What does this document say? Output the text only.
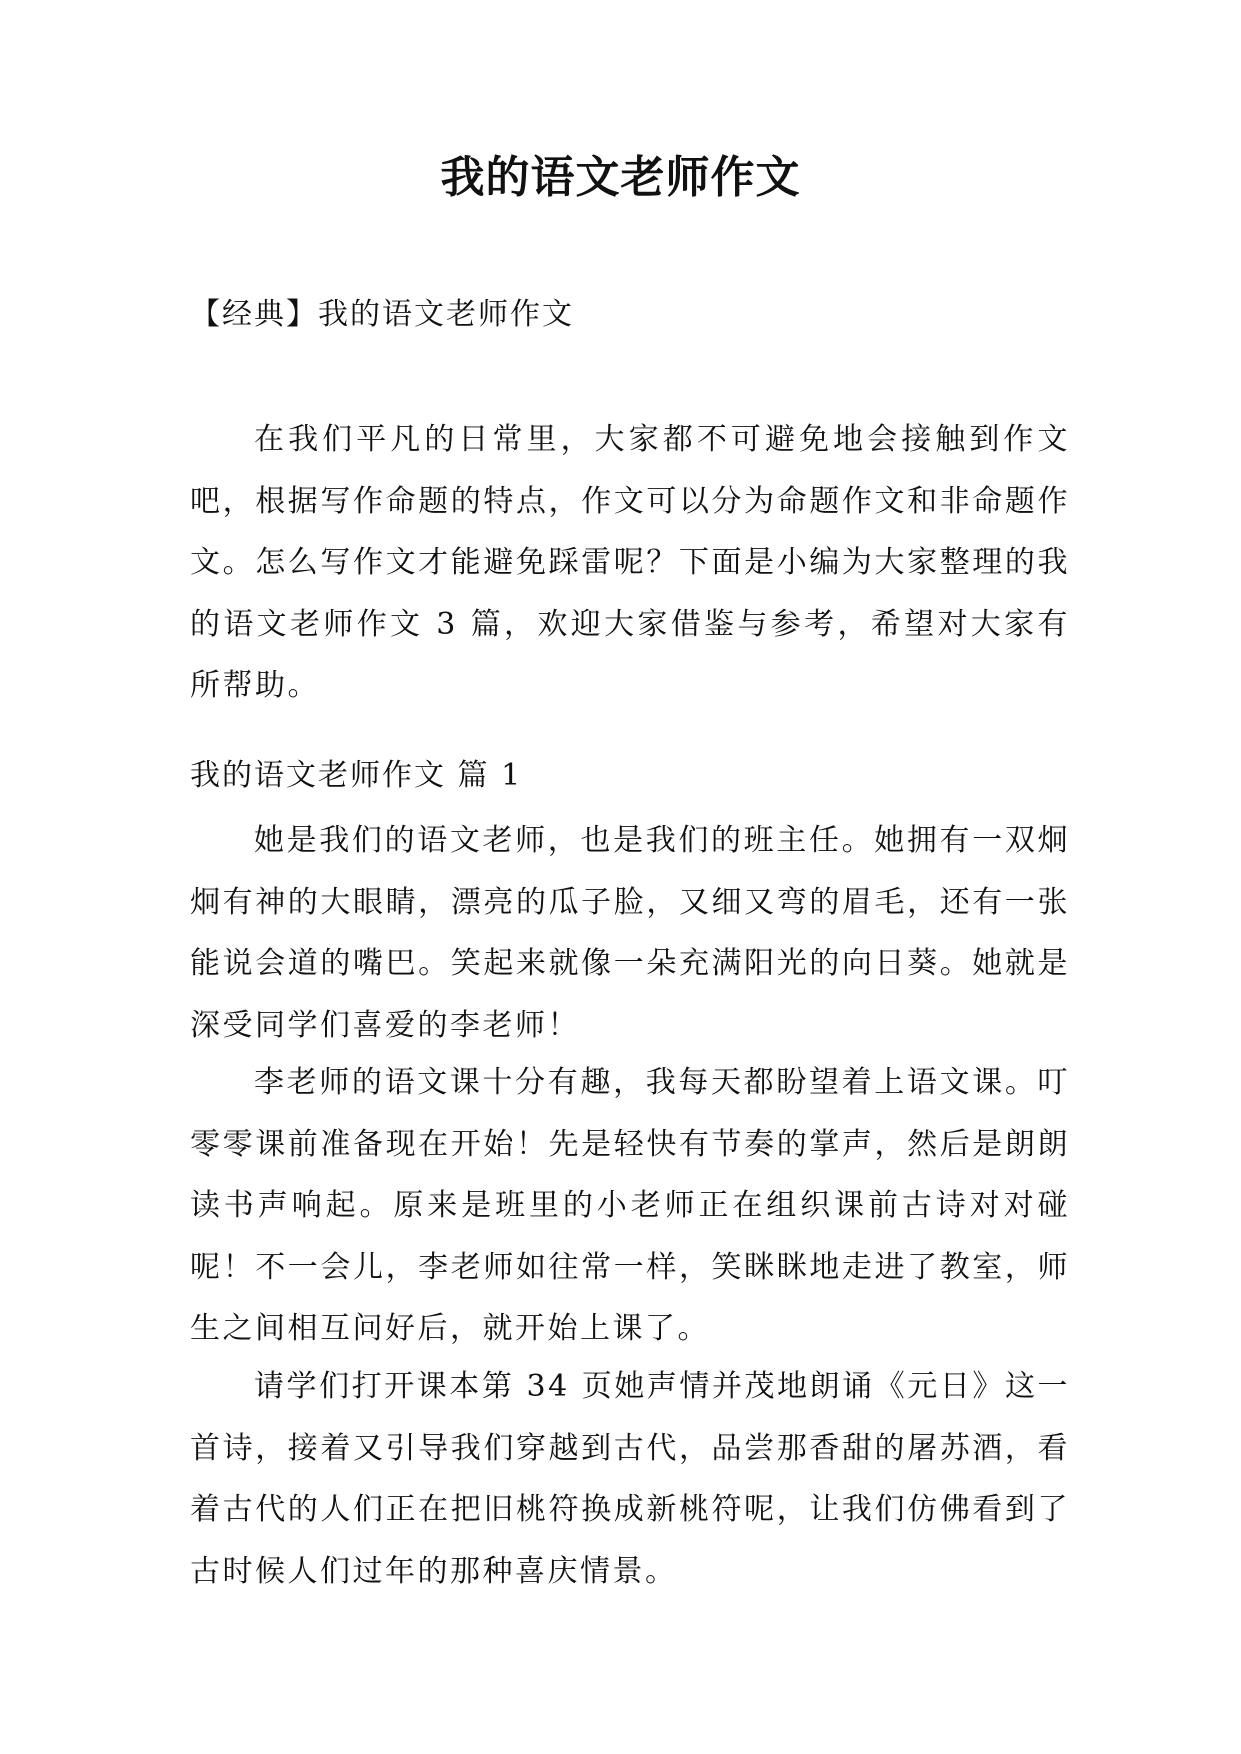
我的语文老师作文
【经典】我的语文老师作文

在我们平凡的日常里，大家都不可避免地会接触到作文吧，根据写作命题的特点，作文可以分为命题作文和非命题作文。怎么写作文才能避免踩雷呢？下面是小编为大家整理的我的语文老师作文 3 篇，欢迎大家借鉴与参考，希望对大家有所帮助。

我的语文老师作文 篇 1

她是我们的语文老师，也是我们的班主任。她拥有一双炯炯有神的大眼睛，漂亮的瓜子脸，又细又弯的眉毛，还有一张能说会道的嘴巴。笑起来就像一朵充满阳光的向日葵。她就是深受同学们喜爱的李老师！

李老师的语文课十分有趣，我每天都盼望着上语文课。叮零零课前准备现在开始！先是轻快有节奏的掌声，然后是朗朗读书声响起。原来是班里的小老师正在组织课前古诗对对碰呢！不一会儿，李老师如往常一样，笑眯眯地走进了教室，师生之间相互问好后，就开始上课了。

请学们打开课本第 34 页她声情并茂地朗诵《元日》这一首诗，接着又引导我们穿越到古代，品尝那香甜的屠苏酒，看着古代的人们正在把旧桃符换成新桃符呢，让我们仿佛看到了古时候人们过年的那种喜庆情景。
